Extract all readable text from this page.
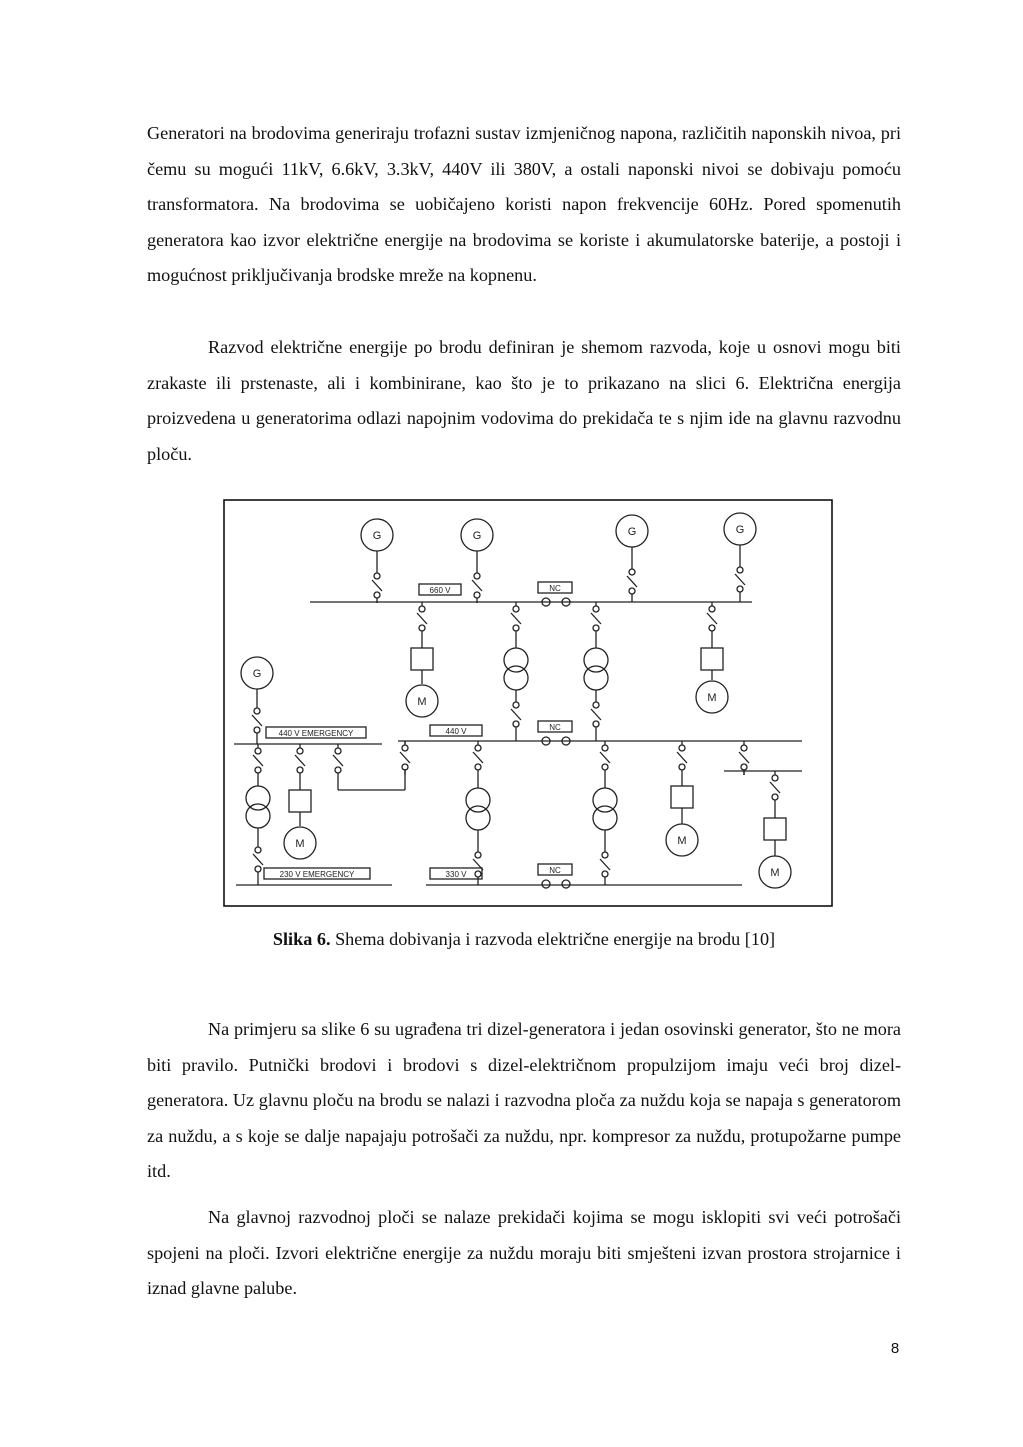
Generatori na brodovima generiraju trofazni sustav izmjeničnog napona, različitih naponskih nivoa, pri čemu su mogući 11kV, 6.6kV, 3.3kV, 440V ili 380V, a ostali naponski nivoi se dobivaju pomoću transformatora. Na brodovima se uobičajeno koristi napon frekvencije 60Hz. Pored spomenutih generatora kao izvor električne energije na brodovima se koriste i akumulatorske baterije, a postoji i mogućnost priključivanja brodske mreže na kopnenu.

Razvod električne energije po brodu definiran je shemom razvoda, koje u osnovi mogu biti zrakaste ili prstenaste, ali i kombinirane, kao što je to prikazano na slici 6. Električna energija proizvedena u generatorima odlazi napojnim vodovima do prekidača te s njim ide na glavnu razvodnu ploču.

660 V	NC
440 V EMERGENCY	440 V	NC
230 V EMERGENCY	330 V	NC
G	G	G	G
M	M
G
M	M
M
Slika 6. Shema dobivanja i razvoda električne energije na brodu [10]

Na primjeru sa slike 6 su ugrađena tri dizel-generatora i jedan osovinski generator, što ne mora biti pravilo. Putnički brodovi i brodovi s dizel-električnom propulzijom imaju veći broj dizel-generatora. Uz glavnu ploču na brodu se nalazi i razvodna ploča za nuždu koja se napaja s generatorom za nuždu, a s koje se dalje napajaju potrošači za nuždu, npr. kompresor za nuždu, protupožarne pumpe itd.

Na glavnoj razvodnoj ploči se nalaze prekidači kojima se mogu isklopiti svi veći potrošači spojeni na ploči. Izvori električne energije za nuždu moraju biti smješteni izvan prostora strojarnice i iznad glavne palube.

8
